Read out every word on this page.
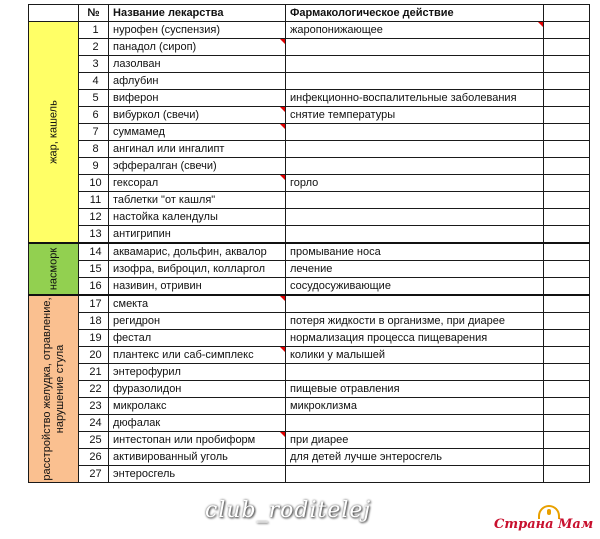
	№	Название лекарства	Фармакологическое действие	

жар, кашель	1	нурофен (суспензия)	жаропонижающее

	2	панадол (сироп)

	3	лазолван		
	4	афлубин		
	5	виферон	инфекционно-воспалительные заболевания	
	6	вибуркол (свечи)	снятие температуры	
	7	суммамед

	8	ангинал или ингалипт		
	9	эффералган (свечи)		
	10	гексорал	горло	
	11	таблетки "от кашля"		
	12	настойка календулы		
	13	антигрипин		

насморк	14	аквамарис, дольфин, аквалор	промывание носа	
	15	изофра, виброцил, колларгол	лечение	
	16	називин, отривин	сосудосуживающие	

расстройство желудка, отравление, нарушение стула	17	смекта

	18	регидрон	потеря жидкости в организме, при диарее	
	19	фестал	нормализация процесса пищеварения	
	20	плантекс или саб-симплекс	колики у малышей	
	21	энтерофурил		
	22	фуразолидон	пищевые отравления	
	23	микролакс	микроклизма	
	24	дюфалак		
	25	интестопан или пробиформ	при диарее	
	26	активированный уголь	для детей лучше энтеросгель	
	27	энтеросгель		
club_roditelej
Страна Мам
